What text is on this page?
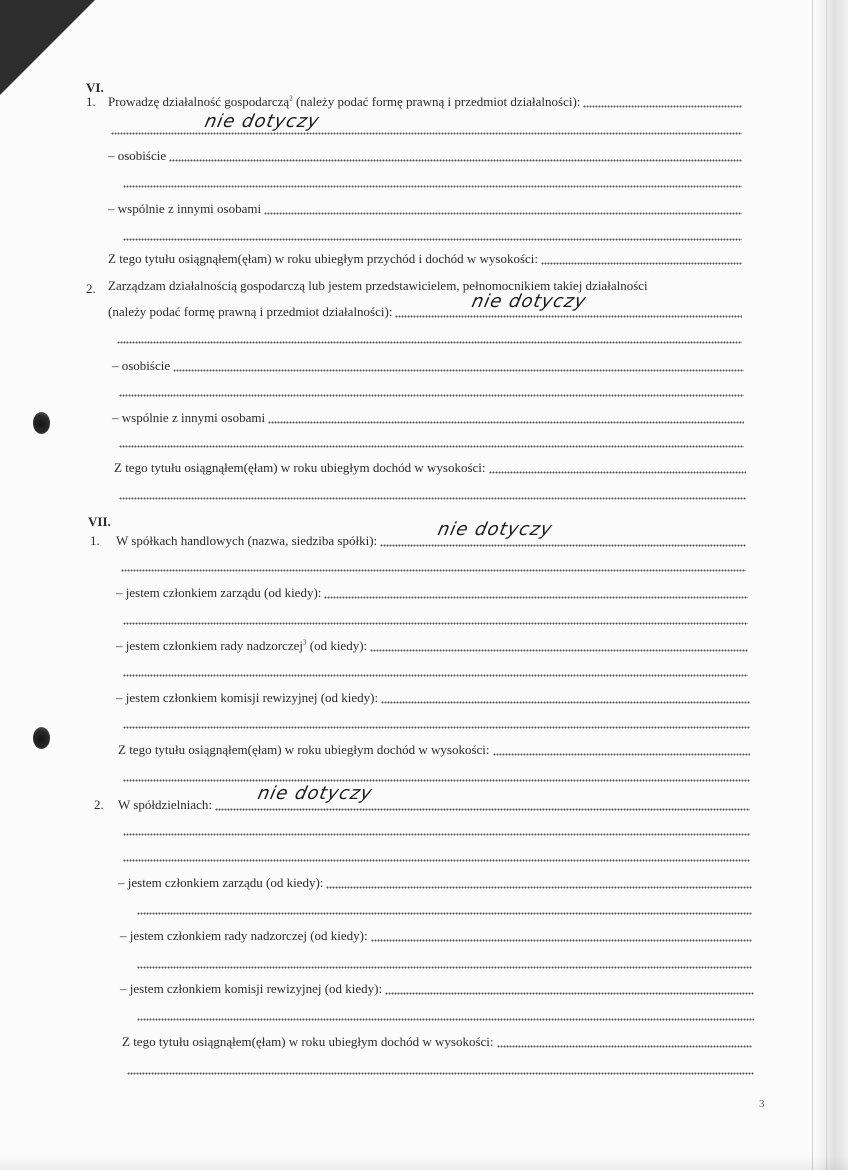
VI.
1. Prowadzę działalność gospodarczą$^2$ (należy podać formę prawną i przedmiot działalności):
nie dotyczy
– osobiście
– wspólnie z innymi osobami
Z tego tytułu osiągnąłem(ęłam) w roku ubiegłym przychód i dochód w wysokości:
2. Zarządzam działalnością gospodarczą lub jestem przedstawicielem, pełnomocnikiem takiej działalności
(należy podać formę prawną i przedmiot działalności):	nie dotyczy
– osobiście
– wspólnie z innymi osobami
Z tego tytułu osiągnąłem(ęłam) w roku ubiegłym dochód w wysokości:
VII.
1. W spółkach handlowych (nazwa, siedziba spółki):
nie dotyczy
– jestem członkiem zarządu (od kiedy):
– jestem członkiem rady nadzorczej$^3$ (od kiedy):
– jestem członkiem komisji rewizyjnej (od kiedy):
Z tego tytułu osiągnąłem(ęłam) w roku ubiegłym dochód w wysokości:
2. W spółdzielniach:
nie dotyczy
– jestem członkiem zarządu (od kiedy):
– jestem członkiem rady nadzorczej (od kiedy):
– jestem członkiem komisji rewizyjnej (od kiedy):
Z tego tytułu osiągnąłem(ęłam) w roku ubiegłym dochód w wysokości:
3
